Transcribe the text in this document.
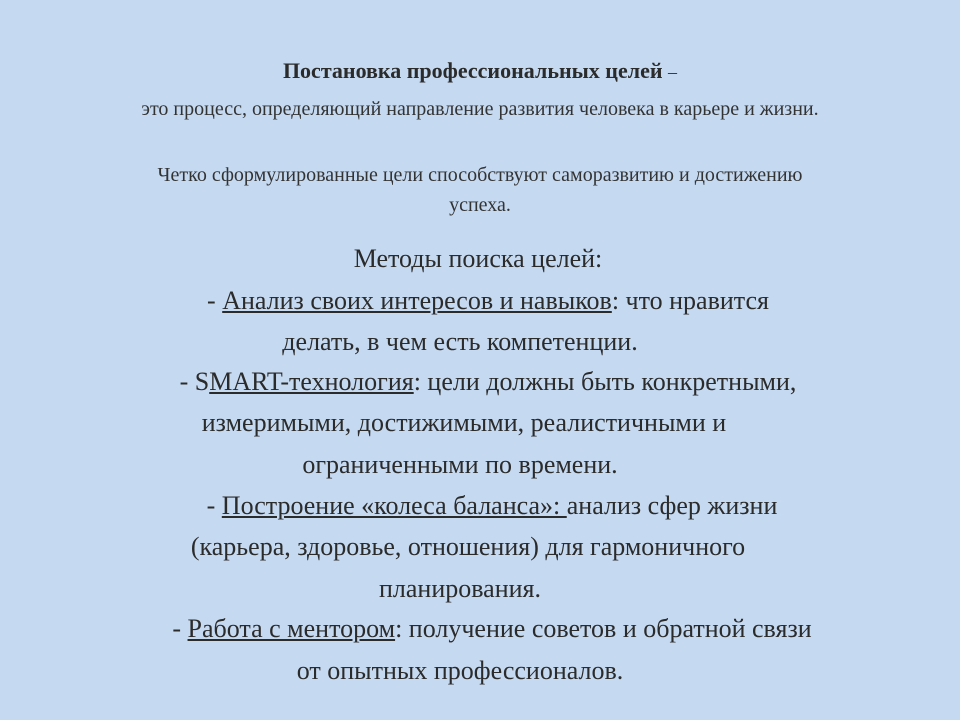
Постановка профессиональных целей –
это процесс, определяющий направление развития человека в карьере и жизни.
Четко сформулированные цели способствуют саморазвитию и достижению
успеха.
Методы поиска целей:
- Анализ своих интересов и навыков: что нравится
делать, в чем есть компетенции.
- SMART-технология: цели должны быть конкретными,
измеримыми, достижимыми, реалистичными и
ограниченными по времени.
- Построение «колеса баланса»: анализ сфер жизни
(карьера, здоровье, отношения) для гармоничного
планирования.
- Работа с ментором: получение советов и обратной связи
от опытных профессионалов.
